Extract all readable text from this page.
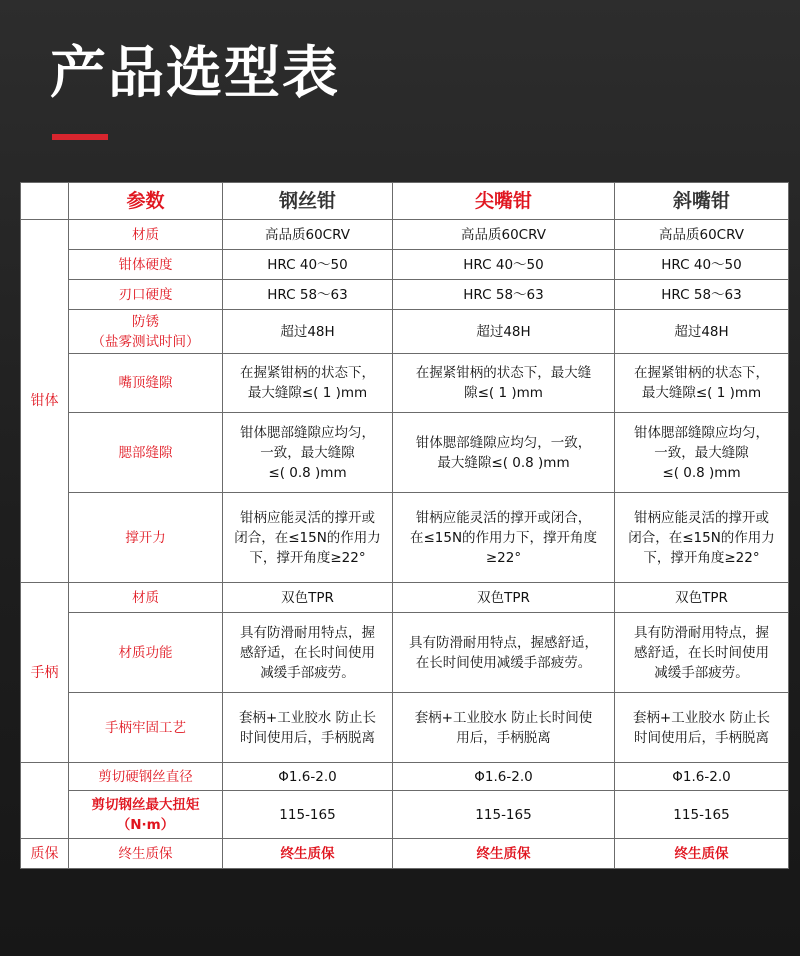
产品选型表
	参数	钢丝钳	尖嘴钳	斜嘴钳
钳体	材质	高品质60CRV	高品质60CRV	高品质60CRV
	钳体硬度	HRC 40～50	HRC 40～50	HRC 40～50
	刃口硬度	HRC 58～63	HRC 58～63	HRC 58～63
	防锈
（盐雾测试时间）	超过48H	超过48H	超过48H
	嘴顶缝隙	在握紧钳柄的状态下，
最大缝隙≤( 1 )mm	在握紧钳柄的状态下，最大缝
隙≤( 1 )mm	在握紧钳柄的状态下，
最大缝隙≤( 1 )mm
	腮部缝隙	钳体腮部缝隙应均匀，
一致，最大缝隙
≤( 0.8 )mm	钳体腮部缝隙应均匀，一致，
最大缝隙≤( 0.8 )mm	钳体腮部缝隙应均匀，
一致，最大缝隙
≤( 0.8 )mm
	撑开力	钳柄应能灵活的撑开或
闭合，在≤15N的作用力
下，撑开角度≥22°	钳柄应能灵活的撑开或闭合，
在≤15N的作用力下，撑开角度
≥22°	钳柄应能灵活的撑开或
闭合，在≤15N的作用力
下，撑开角度≥22°
手柄	材质	双色TPR	双色TPR	双色TPR
	材质功能	具有防滑耐用特点，握
感舒适，在长时间使用
减缓手部疲劳。	具有防滑耐用特点，握感舒适，
在长时间使用减缓手部疲劳。	具有防滑耐用特点，握
感舒适，在长时间使用
减缓手部疲劳。
	手柄牢固工艺	套柄+工业胶水 防止长
时间使用后，手柄脱离	套柄+工业胶水 防止长时间使
用后，手柄脱离	套柄+工业胶水 防止长
时间使用后，手柄脱离
	剪切硬钢丝直径	Φ1.6-2.0	Φ1.6-2.0	Φ1.6-2.0
	剪切钢丝最大扭矩
（N·m）	115-165	115-165	115-165
质保	终生质保	终生质保	终生质保	终生质保
